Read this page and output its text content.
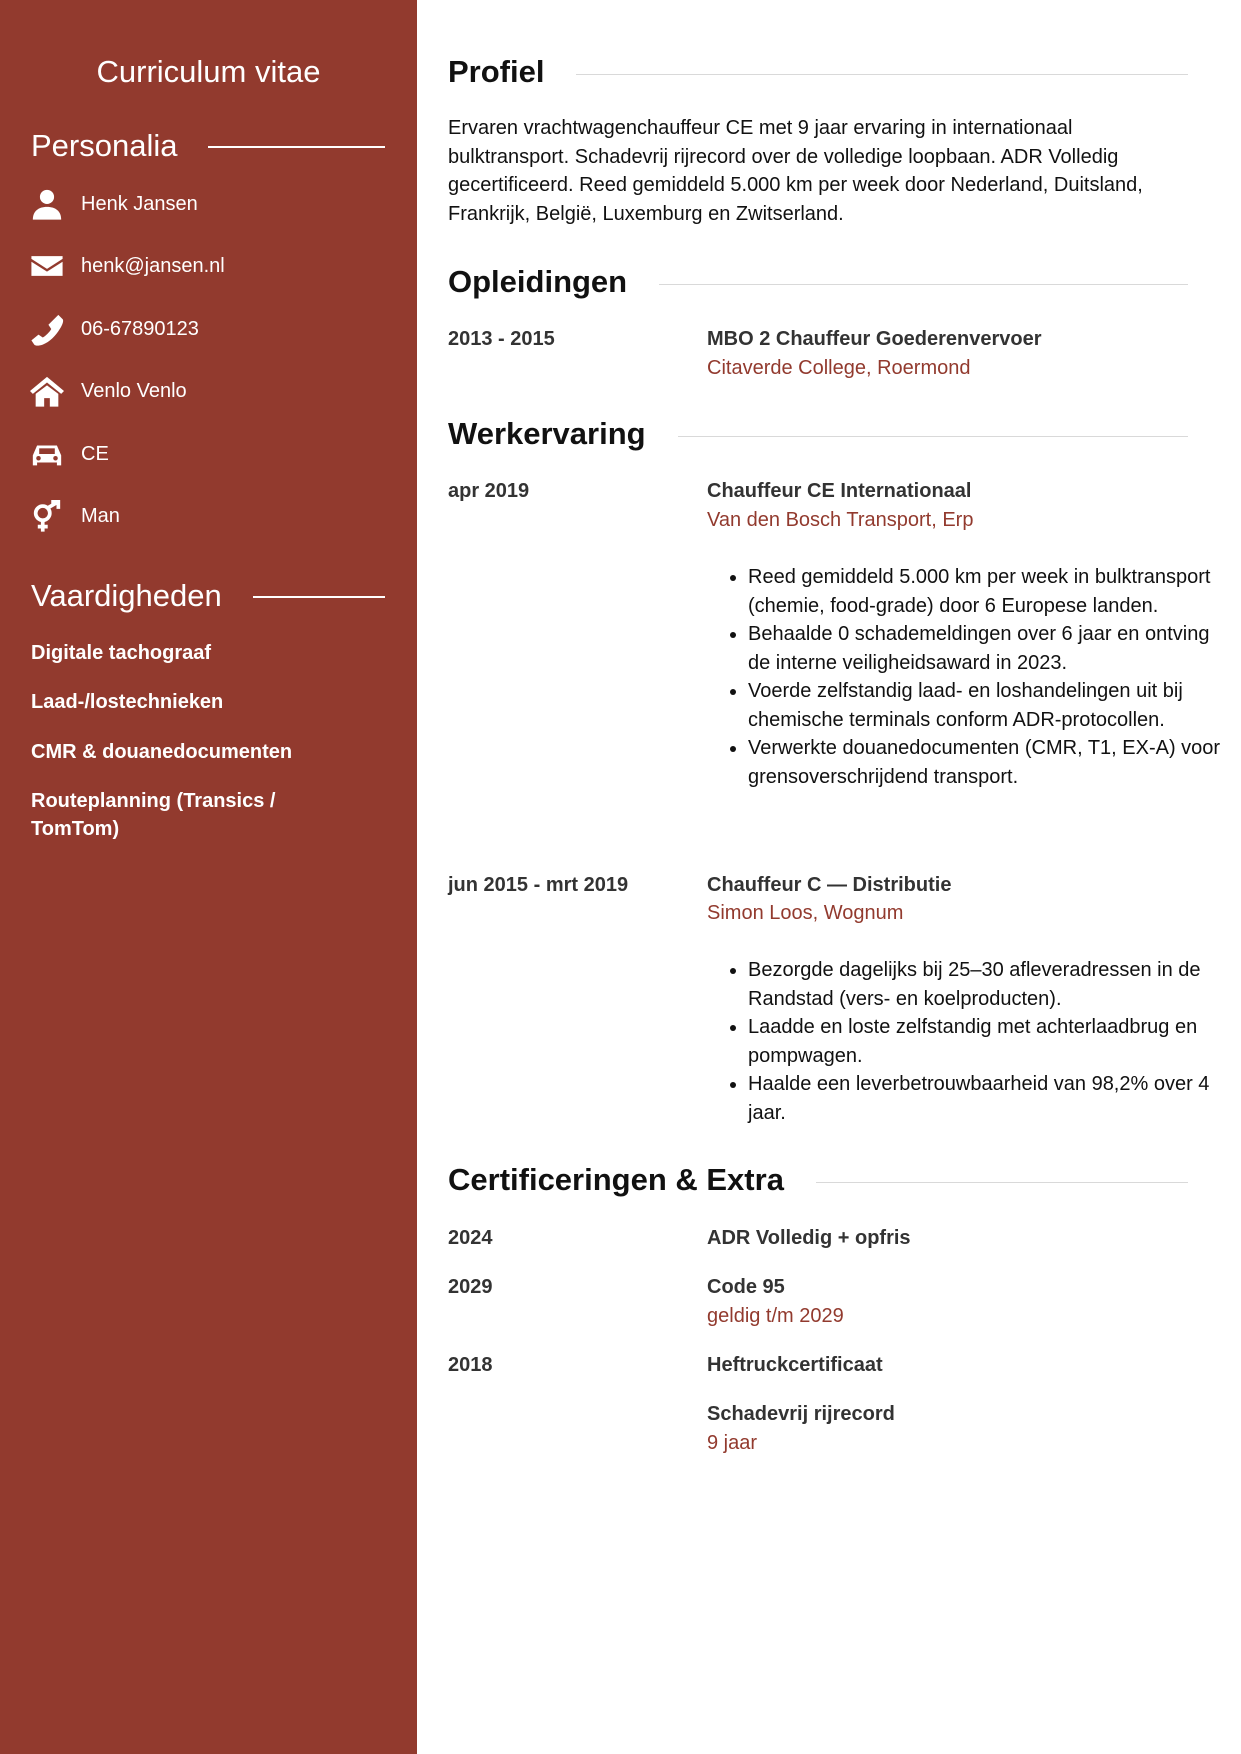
Curriculum vitae
Personalia
Henk Jansen
henk@jansen.nl
06-67890123
Venlo Venlo
CE
Man
Vaardigheden
Digitale tachograaf
Laad-/lostechnieken
CMR & douanedocumenten
Routeplanning (Transics / TomTom)
Profiel
Ervaren vrachtwagenchauffeur CE met 9 jaar ervaring in internationaal bulktransport. Schadevrij rijrecord over de volledige loopbaan. ADR Volledig gecertificeerd. Reed gemiddeld 5.000 km per week door Nederland, Duitsland, Frankrijk, België, Luxemburg en Zwitserland.
Opleidingen
2013 - 2015	MBO 2 Chauffeur Goederenvervoer
Citaverde College, Roermond
Werkervaring
apr 2019	Chauffeur CE Internationaal
Van den Bosch Transport, Erp
• Reed gemiddeld 5.000 km per week in bulktransport (chemie, food-grade) door 6 Europese landen.
• Behaalde 0 schademeldingen over 6 jaar en ontving de interne veiligheidsaward in 2023.
• Voerde zelfstandig laad- en loshandelingen uit bij chemische terminals conform ADR-protocollen.
• Verwerkte douanedocumenten (CMR, T1, EX-A) voor grensoverschrijdend transport.
jun 2015 - mrt 2019	Chauffeur C — Distributie
Simon Loos, Wognum
• Bezorgde dagelijks bij 25–30 afleveradressen in de Randstad (vers- en koelproducten).
• Laadde en loste zelfstandig met achterlaadbrug en pompwagen.
• Haalde een leverbetrouwbaarheid van 98,2% over 4 jaar.
Certificeringen & Extra
2024	ADR Volledig + opfris
2029	Code 95
geldig t/m 2029
2018	Heftruckcertificaat
Schadevrij rijrecord
9 jaar
